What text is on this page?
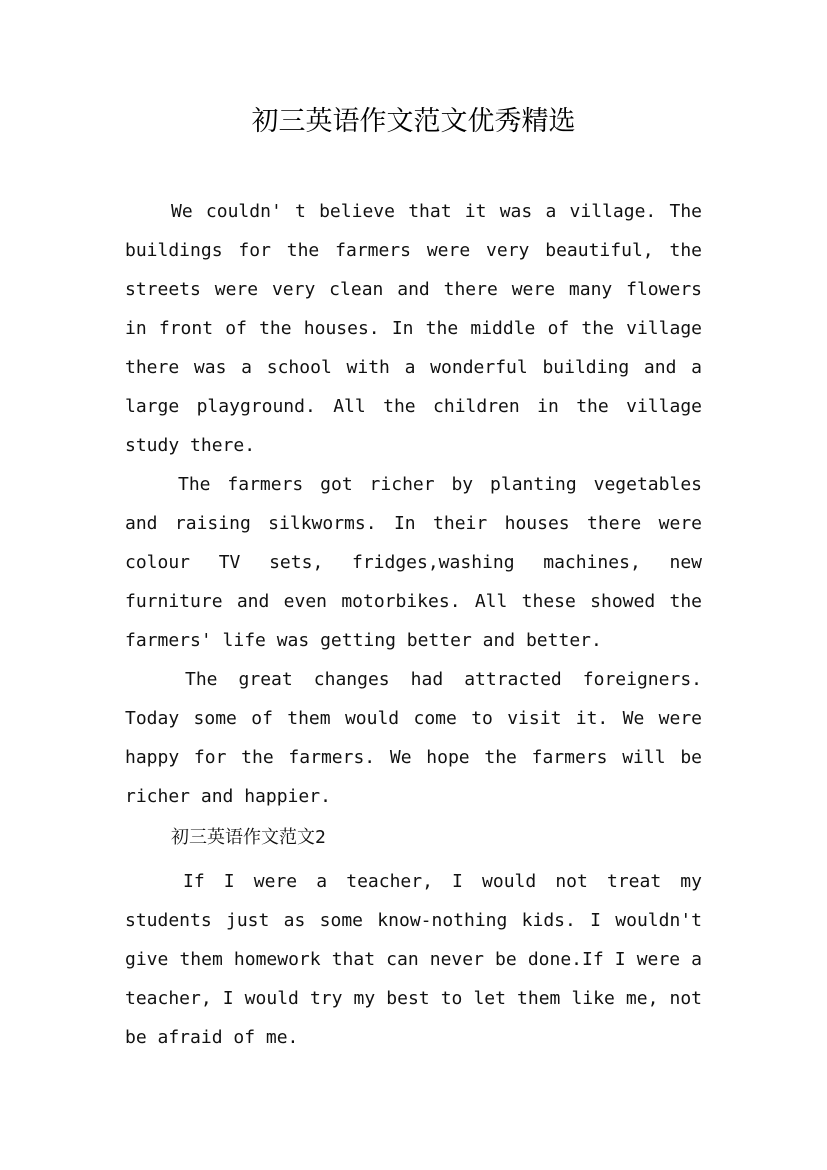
初三英语作文范文优秀精选

We couldn' t believe that it was a village. The buildings for the farmers were very beautiful, the streets were very clean and there were many flowers in front of the houses. In the middle of the village there was a school with a wonderful building and a large playground. All the children in the village study there.

The farmers got richer by planting vegetables and raising silkworms. In their houses there were colour TV sets, fridges,washing machines, new furniture and even motorbikes. All these showed the farmers' life was getting better and better.

The great changes had attracted foreigners. Today some of them would come to visit it. We were happy for the farmers. We hope the farmers will be richer and happier.

初三英语作文范文2

If I were a teacher, I would not treat my students just as some know-nothing kids. I wouldn't give them homework that can never be done.If I were a teacher, I would try my best to let them like me, not be afraid of me.
